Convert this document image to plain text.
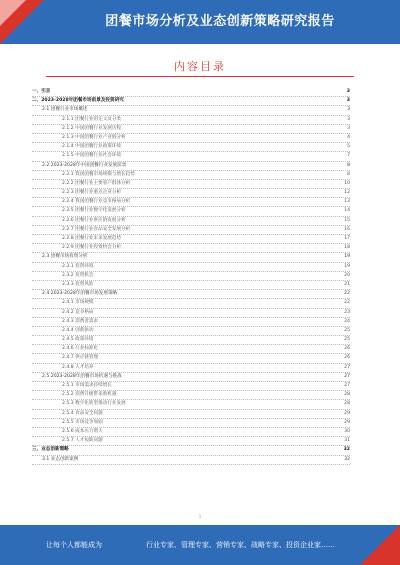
团餐市场分析及业态创新策略研究报告
内容目录
一、引言	3
二、2023-2028年团餐市场前景及投资研究	3
2.1 团餐行业市场概述	3
2.1.1 团餐行业的定义及分类	3
2.1.2 中国团餐行业发展历程	3
2.1.3 中国团餐行业产业链分析	4
2.1.4 中国团餐行业政策环境	5
2.1.5 中国团餐行业社会环境	7
2.2 2023-2028年中国团餐行业发展前景	8
2.2.1 我国团餐市场规模与增长趋势	8
2.2.2 团餐行业主要客户群体分析	10
2.2.3 团餐行业重点企业分析	12
2.2.4 我国团餐行业竞争格局分析	13
2.2.5 团餐行业数字化发展分析	14
2.2.6 团餐行业供应链发展分析	15
2.2.7 团餐行业食品安全发展分析	16
2.2.8 团餐行业未来发展趋势	17
2.2.9 团餐行业投资机会分析	18
2.3 团餐市场投资分析	19
2.3.1 投资环境	19
2.3.2 投资机会	20
2.3.3 投资风险	21
2.4 2023-2028年团餐市场发展策略	22
2.4.1 市场规模	22
2.4.2 竞争格局	23
2.4.3 消费者需求	24
2.4.4 创新驱动	25
2.4.5 政策环境	25
2.4.6 行业标准化	26
2.4.7 供应链管理	26
2.4.8 人才培养	27
2.5 2023-2028年团餐市场机遇与挑战	27
2.5.1 市场需求持续增长	27
2.5.2 消费升级带来新机遇	28
2.5.3 数字化转型推动行业发展	28
2.5.4 食品安全问题	29
2.5.5 市场竞争加剧	29
2.5.6 成本压力增大	30
2.5.7 人才短缺问题	31
三、业态创新策略	32
3.1 业态创新案例	32
1
让每个人都能成为	行业专家、管理专家、营销专家、战略专家、投资企业家……
